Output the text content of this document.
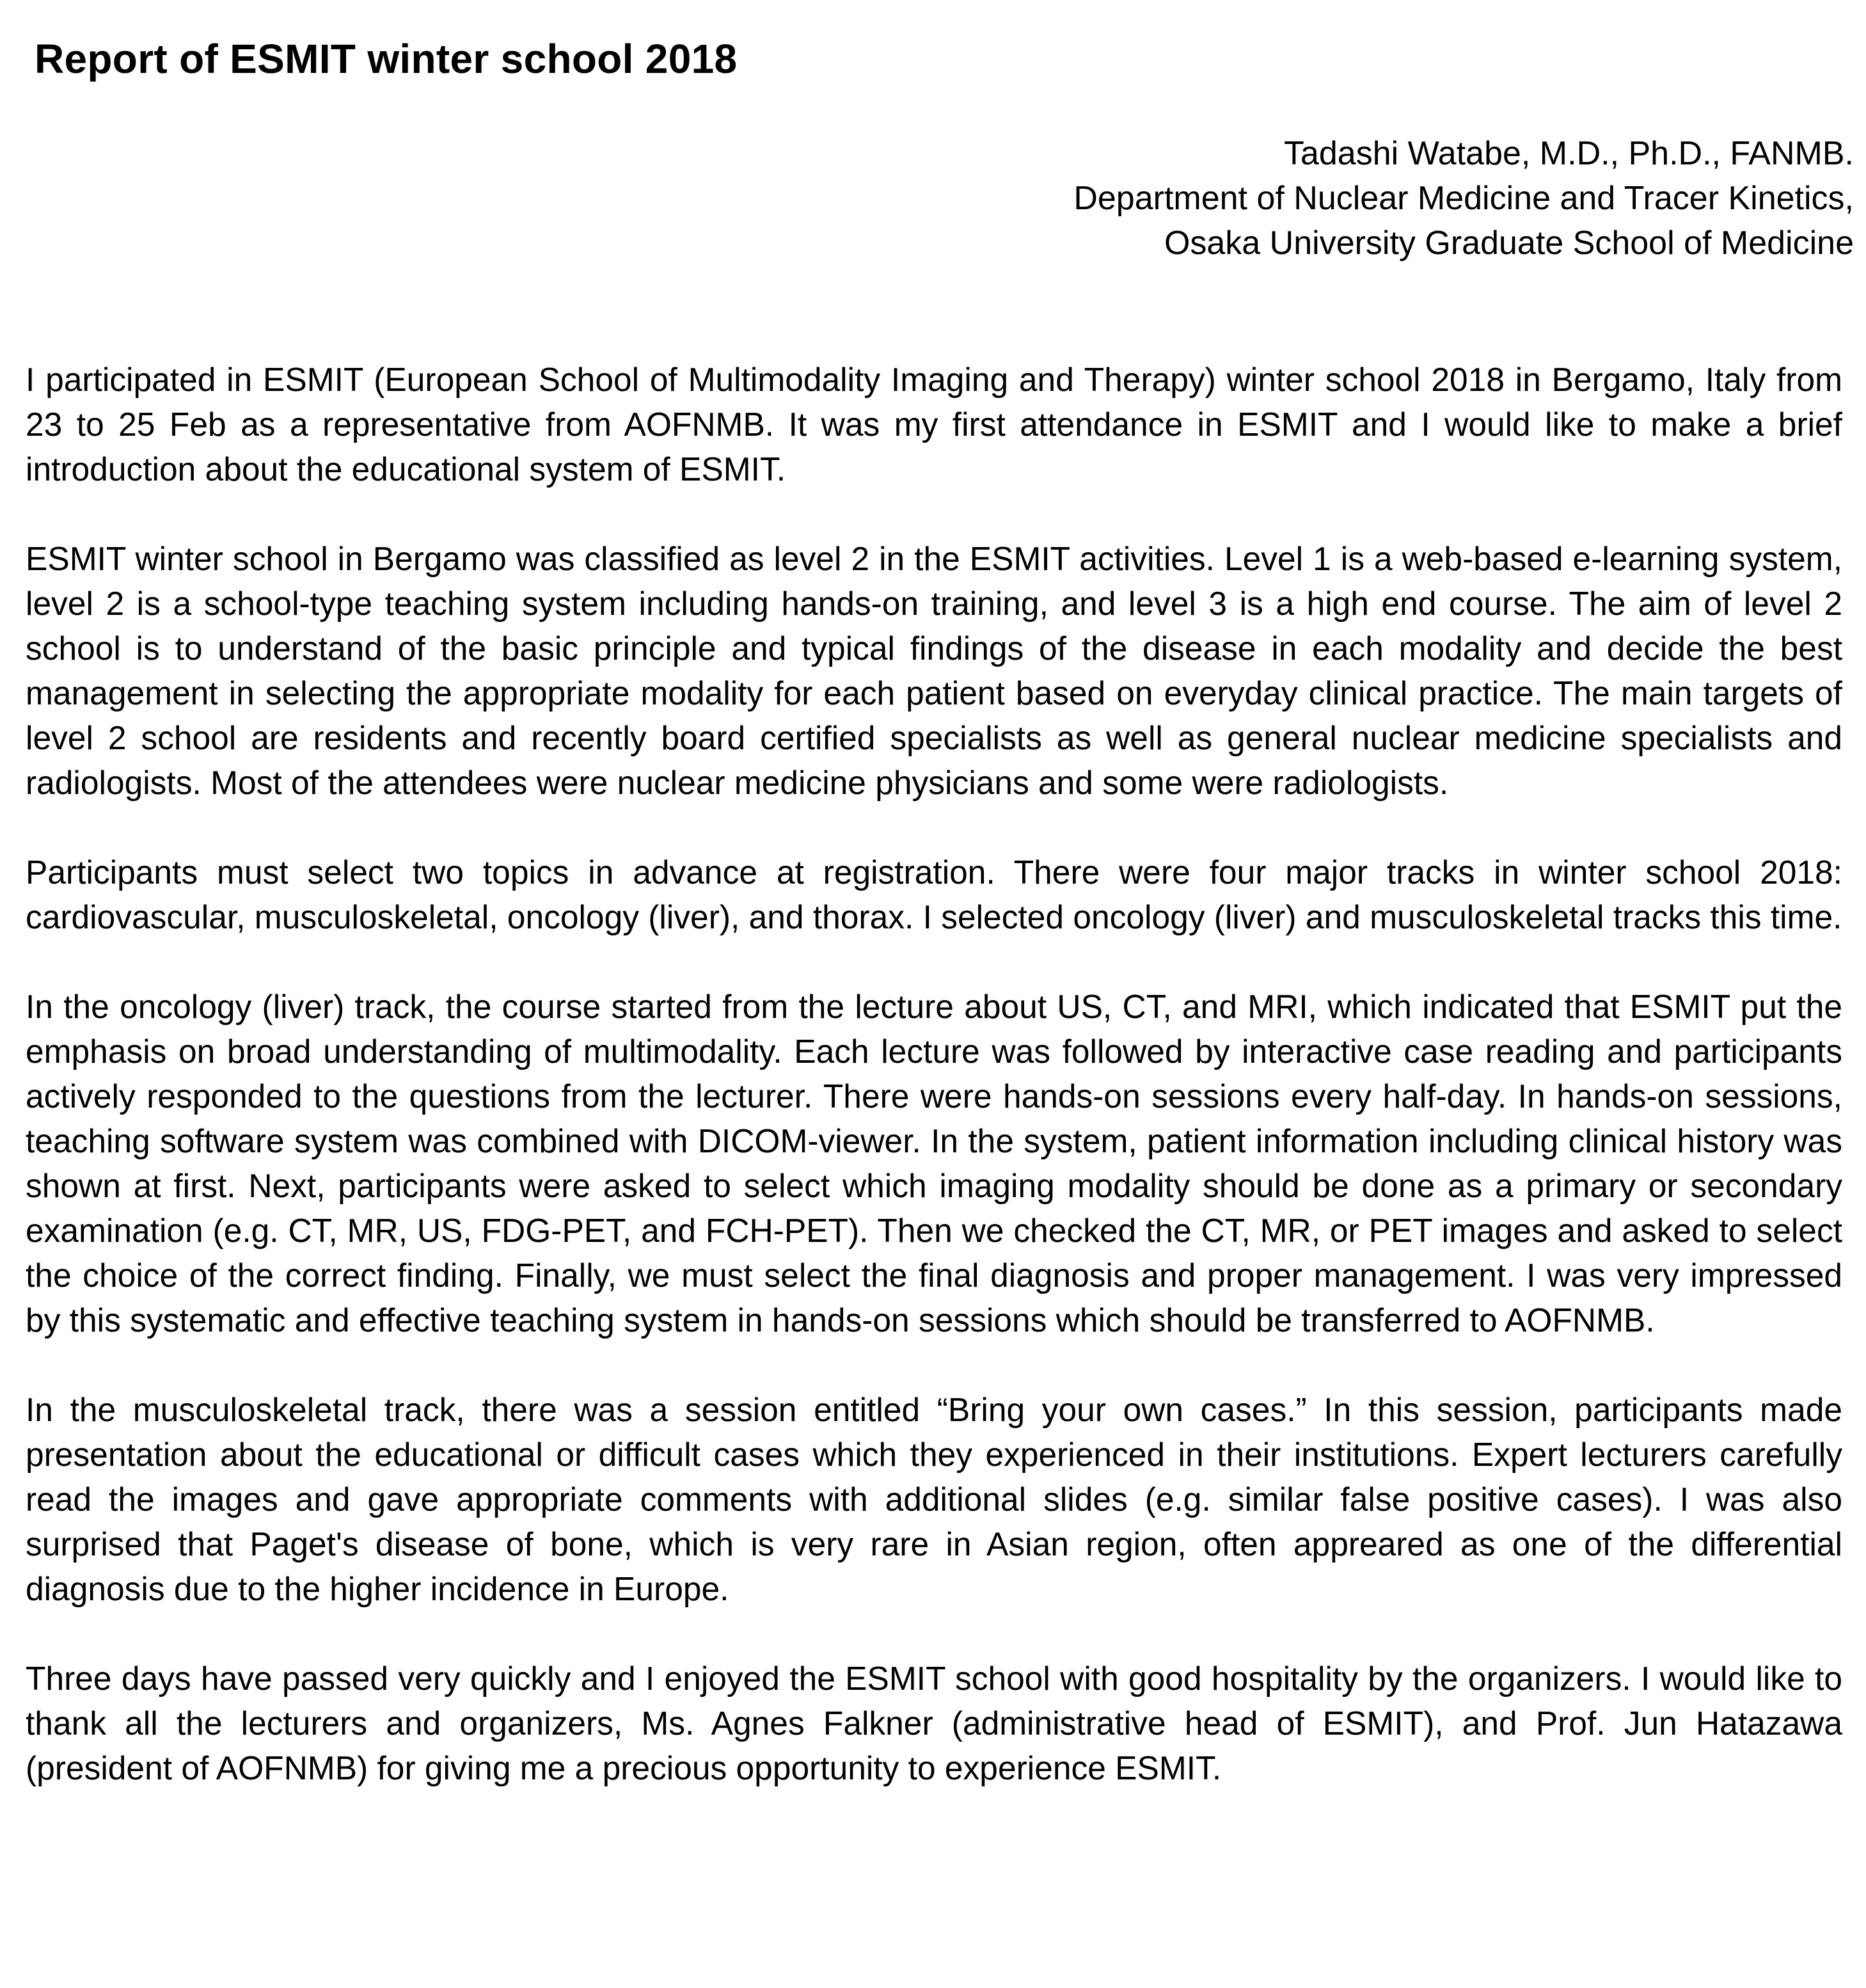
Report of ESMIT winter school 2018
Tadashi Watabe, M.D., Ph.D., FANMB.
Department of Nuclear Medicine and Tracer Kinetics,
Osaka University Graduate School of Medicine

I participated in ESMIT (European School of Multimodality Imaging and Therapy) winter school 2018 in Bergamo, Italy from 23 to 25 Feb as a representative from AOFNMB. It was my first attendance in ESMIT and I would like to make a brief introduction about the educational system of ESMIT.

ESMIT winter school in Bergamo was classified as level 2 in the ESMIT activities. Level 1 is a web-based e-learning system, level 2 is a school-type teaching system including hands-on training, and level 3 is a high end course. The aim of level 2 school is to understand of the basic principle and typical findings of the disease in each modality and decide the best management in selecting the appropriate modality for each patient based on everyday clinical practice. The main targets of level 2 school are residents and recently board certified specialists as well as general nuclear medicine specialists and radiologists. Most of the attendees were nuclear medicine physicians and some were radiologists.

Participants must select two topics in advance at registration. There were four major tracks in winter school 2018: cardiovascular, musculoskeletal, oncology (liver), and thorax. I selected oncology (liver) and musculoskeletal tracks this time.

In the oncology (liver) track, the course started from the lecture about US, CT, and MRI, which indicated that ESMIT put the emphasis on broad understanding of multimodality. Each lecture was followed by interactive case reading and participants actively responded to the questions from the lecturer. There were hands-on sessions every half-day. In hands-on sessions, teaching software system was combined with DICOM-viewer. In the system, patient information including clinical history was shown at first. Next, participants were asked to select which imaging modality should be done as a primary or secondary examination (e.g. CT, MR, US, FDG-PET, and FCH-PET). Then we checked the CT, MR, or PET images and asked to select the choice of the correct finding. Finally, we must select the final diagnosis and proper management. I was very impressed by this systematic and effective teaching system in hands-on sessions which should be transferred to AOFNMB.

In the musculoskeletal track, there was a session entitled “Bring your own cases.” In this session, participants made presentation about the educational or difficult cases which they experienced in their institutions. Expert lecturers carefully read the images and gave appropriate comments with additional slides (e.g. similar false positive cases). I was also surprised that Paget's disease of bone, which is very rare in Asian region, often appreared as one of the differential diagnosis due to the higher incidence in Europe.

Three days have passed very quickly and I enjoyed the ESMIT school with good hospitality by the organizers. I would like to thank all the lecturers and organizers, Ms. Agnes Falkner (administrative head of ESMIT), and Prof. Jun Hatazawa (president of AOFNMB) for giving me a precious opportunity to experience ESMIT.
